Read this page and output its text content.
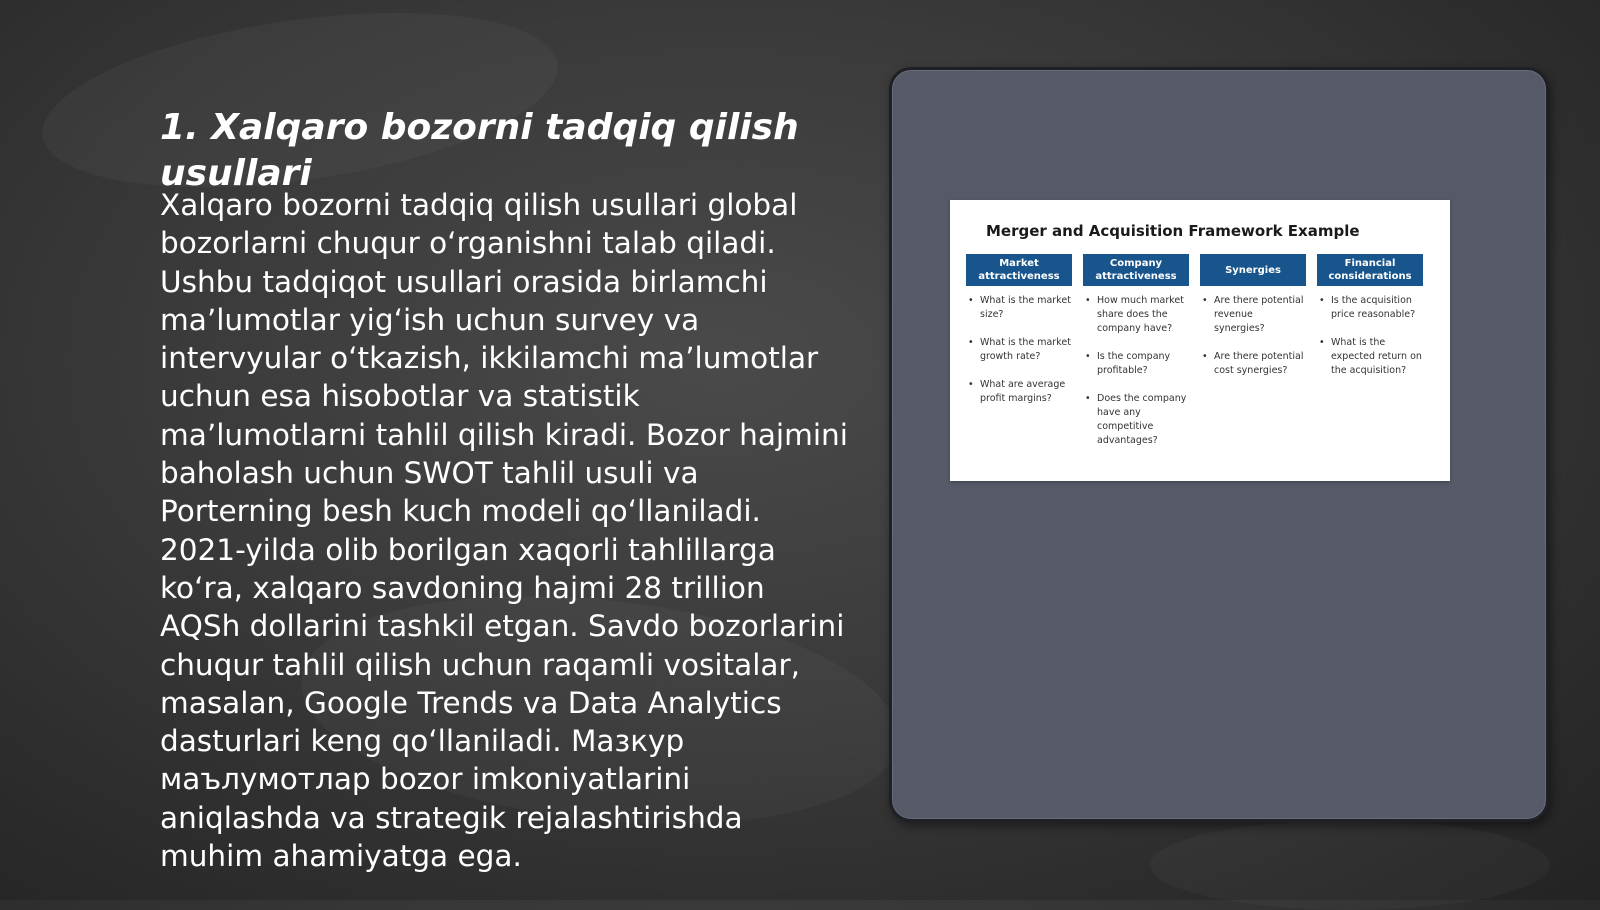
1. Xalqaro bozorni tadqiq qilish usullari

Xalqaro bozorni tadqiq qilish usullari global bozorlarni chuqur o‘rganishni talab qiladi. Ushbu tadqiqot usullari orasida birlamchi ma’lumotlar yig‘ish uchun survey va intervyular o‘tkazish, ikkilamchi ma’lumotlar uchun esa hisobotlar va statistik ma’lumotlarni tahlil qilish kiradi. Bozor hajmini baholash uchun SWOT tahlil usuli va Porterning besh kuch modeli qo‘llaniladi. 2021-yilda olib borilgan xaqorli tahlillarga ko‘ra, xalqaro savdoning hajmi 28 trillion AQSh dollarini tashkil etgan. Savdo bozorlarini chuqur tahlil qilish uchun raqamli vositalar, masalan, Google Trends va Data Analytics dasturlari keng qo‘llaniladi. Мазкур маълумотлар bozor imkoniyatlarini aniqlashda va strategik rejalashtirishda muhim ahamiyatga ega.

Merger and Acquisition Framework Example
Market attractiveness
• What is the market size?
• What is the market growth rate?
• What are average profit margins?
Company attractiveness
• How much market share does the company have?
• Is the company profitable?
• Does the company have any competitive advantages?
Synergies
• Are there potential revenue synergies?
• Are there potential cost synergies?
Financial considerations
• Is the acquisition price reasonable?
• What is the expected return on the acquisition?
